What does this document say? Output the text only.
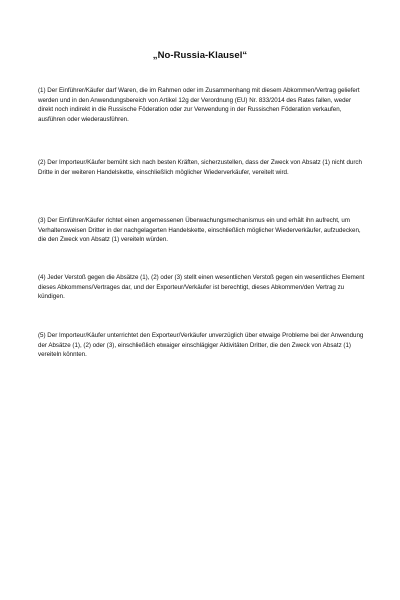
„No-Russia-Klausel“

(1) Der Einführer/Käufer darf Waren, die im Rahmen oder im Zusammenhang mit diesem Abkommen/Vertrag geliefert werden und in den Anwendungsbereich von Artikel 12g der Verordnung (EU) Nr. 833/2014 des Rates fallen, weder direkt noch indirekt in die Russische Föderation oder zur Verwendung in der Russischen Föderation verkaufen, ausführen oder wiederausführen.

(2) Der Importeur/Käufer bemüht sich nach besten Kräften, sicherzustellen, dass der Zweck von Absatz (1) nicht durch Dritte in der weiteren Handelskette, einschließlich möglicher Wiederverkäufer, vereitelt wird.

(3) Der Einführer/Käufer richtet einen angemessenen Überwachungsmechanismus ein und erhält ihn aufrecht, um Verhaltensweisen Dritter in der nachgelagerten Handelskette, einschließlich möglicher Wiederverkäufer, aufzudecken, die den Zweck von Absatz (1) vereiteln würden.

(4) Jeder Verstoß gegen die Absätze (1), (2) oder (3) stellt einen wesentlichen Verstoß gegen ein wesentliches Element dieses Abkommens/Vertrages dar, und der Exporteur/Verkäufer ist berechtigt, dieses Abkommen/den Vertrag zu kündigen.

(5) Der Importeur/Käufer unterrichtet den Exporteur/Verkäufer unverzüglich über etwaige Probleme bei der Anwendung der Absätze (1), (2) oder (3), einschließlich etwaiger einschlägiger Aktivitäten Dritter, die den Zweck von Absatz (1) vereiteln könnten.
